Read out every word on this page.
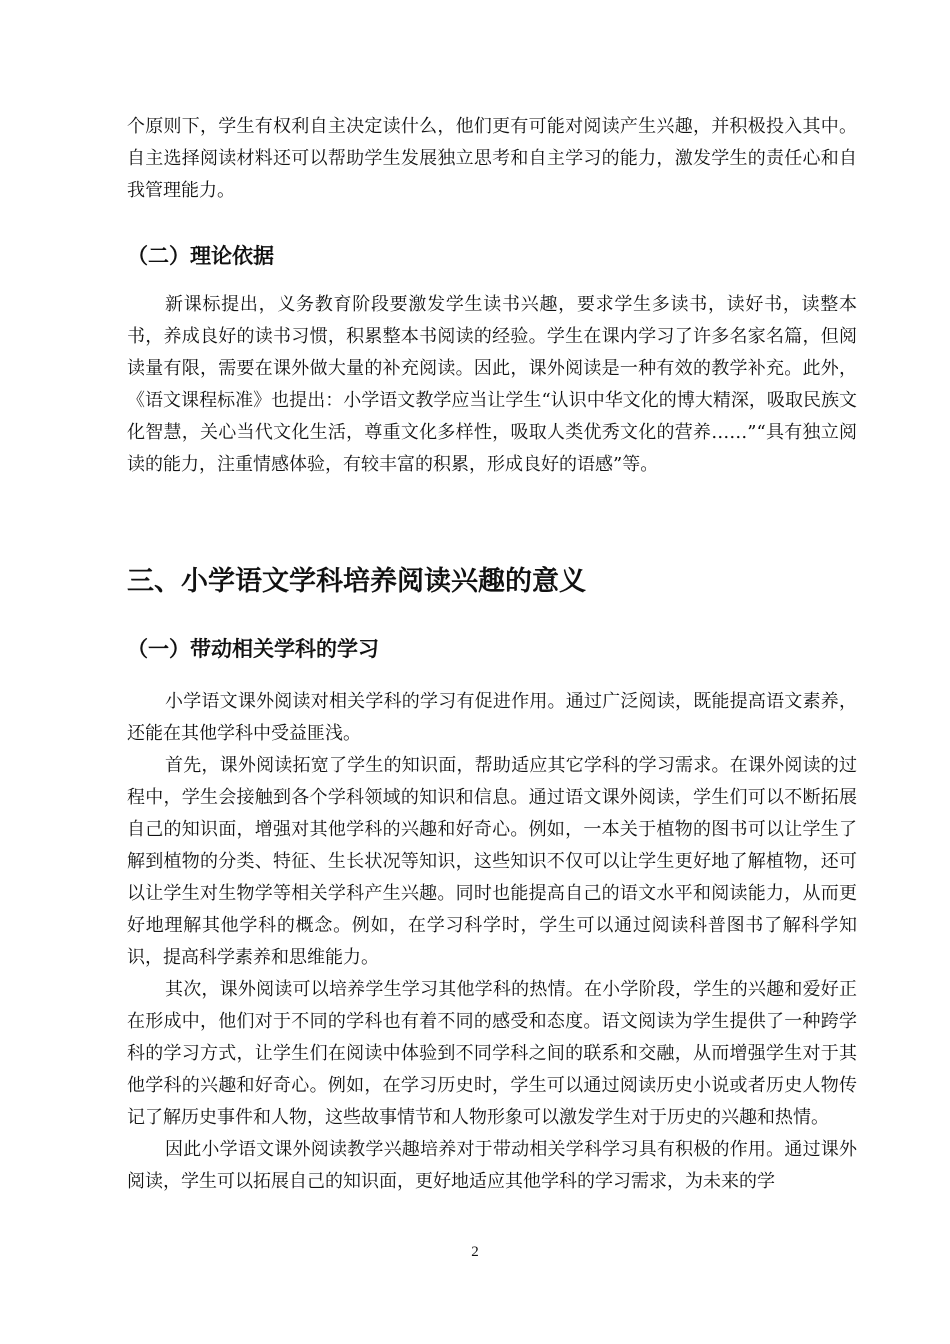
个原则下，学生有权利自主决定读什么，他们更有可能对阅读产生兴趣，并积极投入其中。自主选择阅读材料还可以帮助学生发展独立思考和自主学习的能力，激发学生的责任心和自我管理能力。

（二）理论依据

新课标提出，义务教育阶段要激发学生读书兴趣，要求学生多读书，读好书，读整本书，养成良好的读书习惯，积累整本书阅读的经验。学生在课内学习了许多名家名篇，但阅读量有限，需要在课外做大量的补充阅读。因此，课外阅读是一种有效的教学补充。此外，《语文课程标准》也提出：小学语文教学应当让学生“认识中华文化的博大精深，吸取民族文化智慧，关心当代文化生活，尊重文化多样性，吸取人类优秀文化的营养……”“具有独立阅读的能力，注重情感体验，有较丰富的积累，形成良好的语感”等。

三、小学语文学科培养阅读兴趣的意义
（一）带动相关学科的学习

小学语文课外阅读对相关学科的学习有促进作用。通过广泛阅读，既能提高语文素养，还能在其他学科中受益匪浅。

首先，课外阅读拓宽了学生的知识面，帮助适应其它学科的学习需求。在课外阅读的过程中，学生会接触到各个学科领域的知识和信息。通过语文课外阅读，学生们可以不断拓展自己的知识面，增强对其他学科的兴趣和好奇心。例如，一本关于植物的图书可以让学生了解到植物的分类、特征、生长状况等知识，这些知识不仅可以让学生更好地了解植物，还可以让学生对生物学等相关学科产生兴趣。同时也能提高自己的语文水平和阅读能力，从而更好地理解其他学科的概念。例如，在学习科学时，学生可以通过阅读科普图书了解科学知识，提高科学素养和思维能力。

其次，课外阅读可以培养学生学习其他学科的热情。在小学阶段，学生的兴趣和爱好正在形成中，他们对于不同的学科也有着不同的感受和态度。语文阅读为学生提供了一种跨学科的学习方式，让学生们在阅读中体验到不同学科之间的联系和交融，从而增强学生对于其他学科的兴趣和好奇心。例如，在学习历史时，学生可以通过阅读历史小说或者历史人物传记了解历史事件和人物，这些故事情节和人物形象可以激发学生对于历史的兴趣和热情。

因此小学语文课外阅读教学兴趣培养对于带动相关学科学习具有积极的作用。通过课外阅读，学生可以拓展自己的知识面，更好地适应其他学科的学习需求，为未来的学

2
